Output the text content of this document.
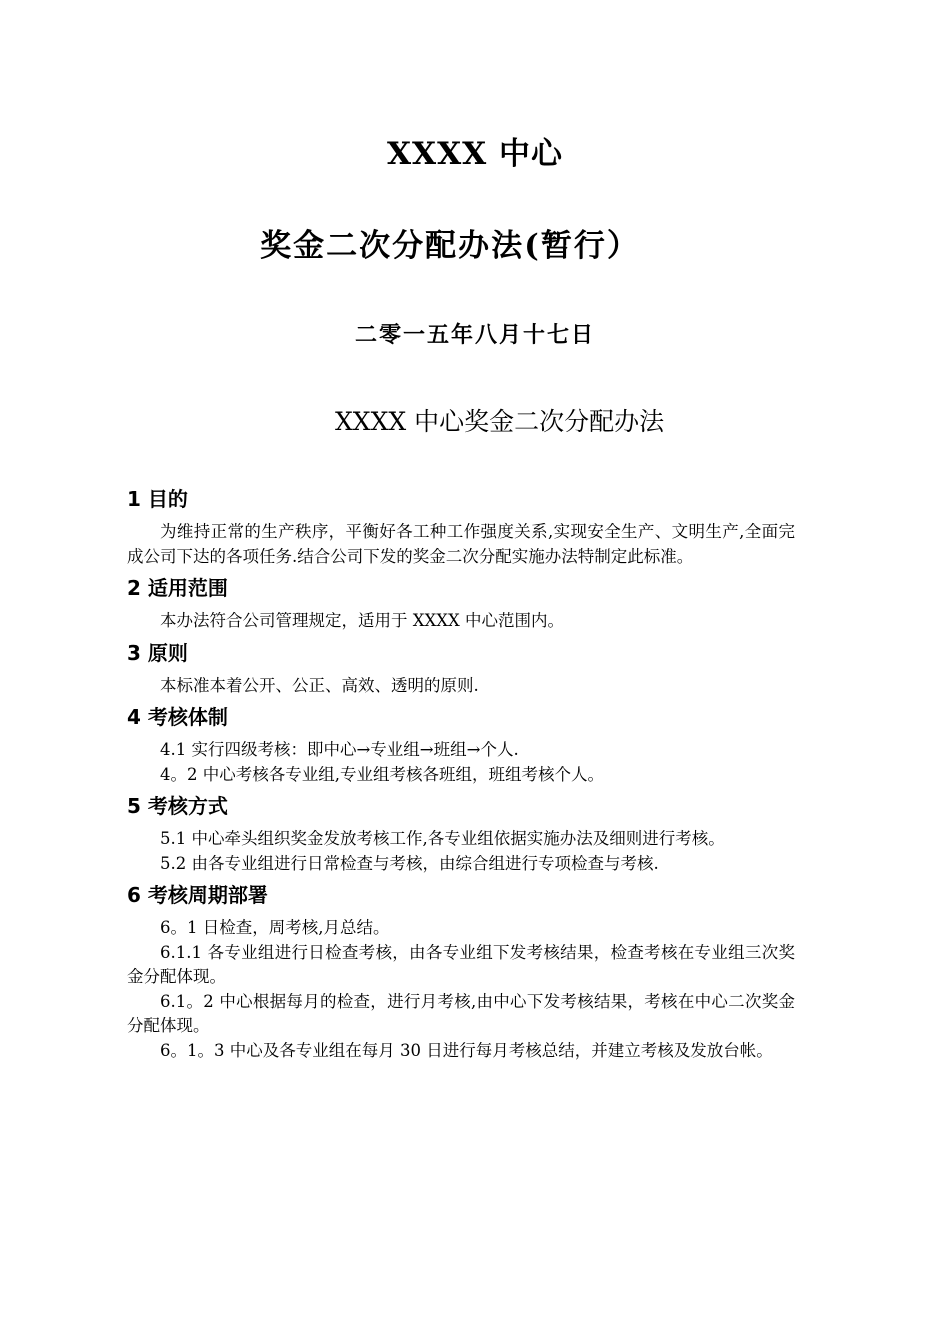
XXXX 中心
奖金二次分配办法(暂行）
二零一五年八月十七日
XXXX 中心奖金二次分配办法
1 目的

为维持正常的生产秩序，平衡好各工种工作强度关系,实现安全生产、文明生产,全面完成公司下达的各项任务.结合公司下发的奖金二次分配实施办法特制定此标准。

2 适用范围

本办法符合公司管理规定，适用于 XXXX 中心范围内。

3 原则

本标准本着公开、公正、高效、透明的原则.

4 考核体制

4.1 实行四级考核：即中心→专业组→班组→个人.

4。2 中心考核各专业组,专业组考核各班组，班组考核个人。

5 考核方式

5.1 中心牵头组织奖金发放考核工作,各专业组依据实施办法及细则进行考核。

5.2 由各专业组进行日常检查与考核，由综合组进行专项检查与考核.

6 考核周期部署

6。1 日检查，周考核,月总结。

6.1.1 各专业组进行日检查考核，由各专业组下发考核结果，检查考核在专业组三次奖金分配体现。

6.1。2 中心根据每月的检查，进行月考核,由中心下发考核结果，考核在中心二次奖金分配体现。

6。1。3 中心及各专业组在每月 30 日进行每月考核总结，并建立考核及发放台帐。
